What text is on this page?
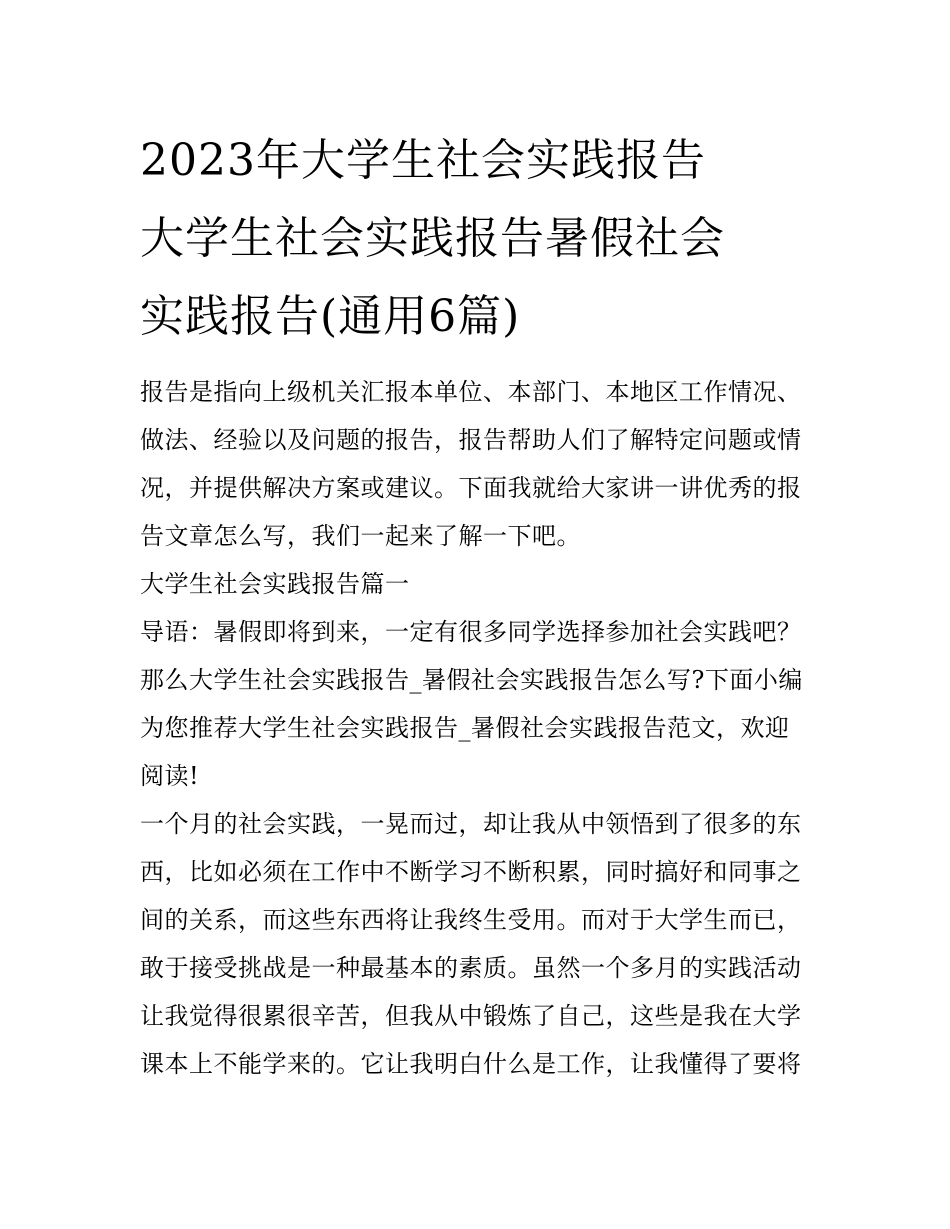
2023年大学生社会实践报告
大学生社会实践报告暑假社会
实践报告(通用6篇)

报告是指向上级机关汇报本单位、本部门、本地区工作情况、
做法、经验以及问题的报告，报告帮助人们了解特定问题或情
况，并提供解决方案或建议。下面我就给大家讲一讲优秀的报
告文章怎么写，我们一起来了解一下吧。

大学生社会实践报告篇一

导语：暑假即将到来，一定有很多同学选择参加社会实践吧？
那么大学生社会实践报告_暑假社会实践报告怎么写?下面小编
为您推荐大学生社会实践报告_暑假社会实践报告范文，欢迎
阅读!

一个月的社会实践，一晃而过，却让我从中领悟到了很多的东
西，比如必须在工作中不断学习不断积累，同时搞好和同事之
间的关系，而这些东西将让我终生受用。而对于大学生而已，
敢于接受挑战是一种最基本的素质。虽然一个多月的实践活动
让我觉得很累很辛苦，但我从中锻炼了自己，这些是我在大学
课本上不能学来的。它让我明白什么是工作，让我懂得了要将
